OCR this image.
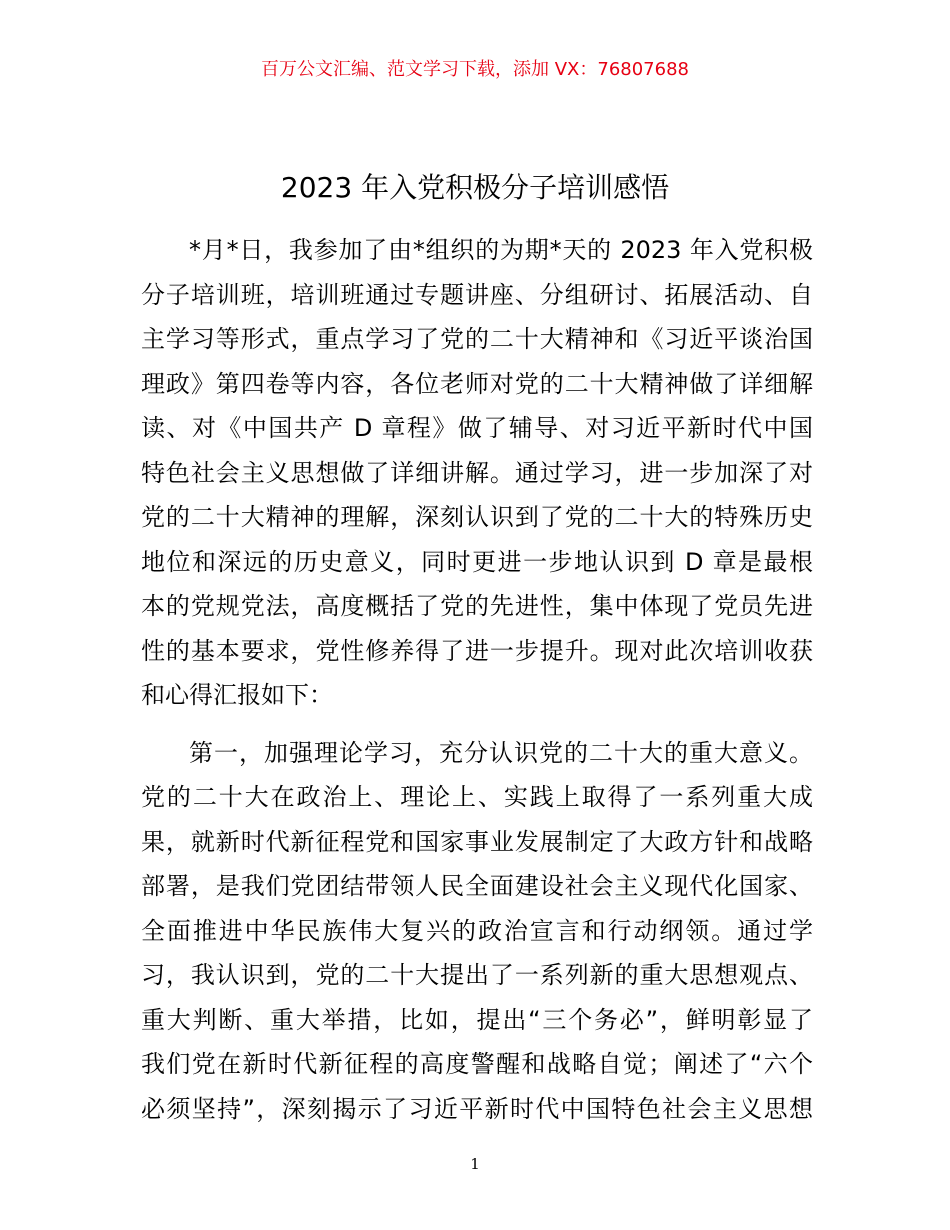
百万公文汇编、范文学习下载，添加 VX：76807688
2023 年入党积极分子培训感悟
*月*日，我参加了由*组织的为期*天的 2023 年入党积极
分子培训班，培训班通过专题讲座、分组研讨、拓展活动、自
主学习等形式，重点学习了党的二十大精神和《习近平谈治国
理政》第四卷等内容，各位老师对党的二十大精神做了详细解
读、对《中国共产 D 章程》做了辅导、对习近平新时代中国
特色社会主义思想做了详细讲解。通过学习，进一步加深了对
党的二十大精神的理解，深刻认识到了党的二十大的特殊历史
地位和深远的历史意义，同时更进一步地认识到 D 章是最根
本的党规党法，高度概括了党的先进性，集中体现了党员先进
性的基本要求，党性修养得了进一步提升。现对此次培训收获
和心得汇报如下：
第一，加强理论学习，充分认识党的二十大的重大意义。
党的二十大在政治上、理论上、实践上取得了一系列重大成
果，就新时代新征程党和国家事业发展制定了大政方针和战略
部署，是我们党团结带领人民全面建设社会主义现代化国家、
全面推进中华民族伟大复兴的政治宣言和行动纲领。通过学
习，我认识到，党的二十大提出了一系列新的重大思想观点、
重大判断、重大举措，比如，提出“三个务必”，鲜明彰显了
我们党在新时代新征程的高度警醒和战略自觉；阐述了“六个
必须坚持”，深刻揭示了习近平新时代中国特色社会主义思想
1
